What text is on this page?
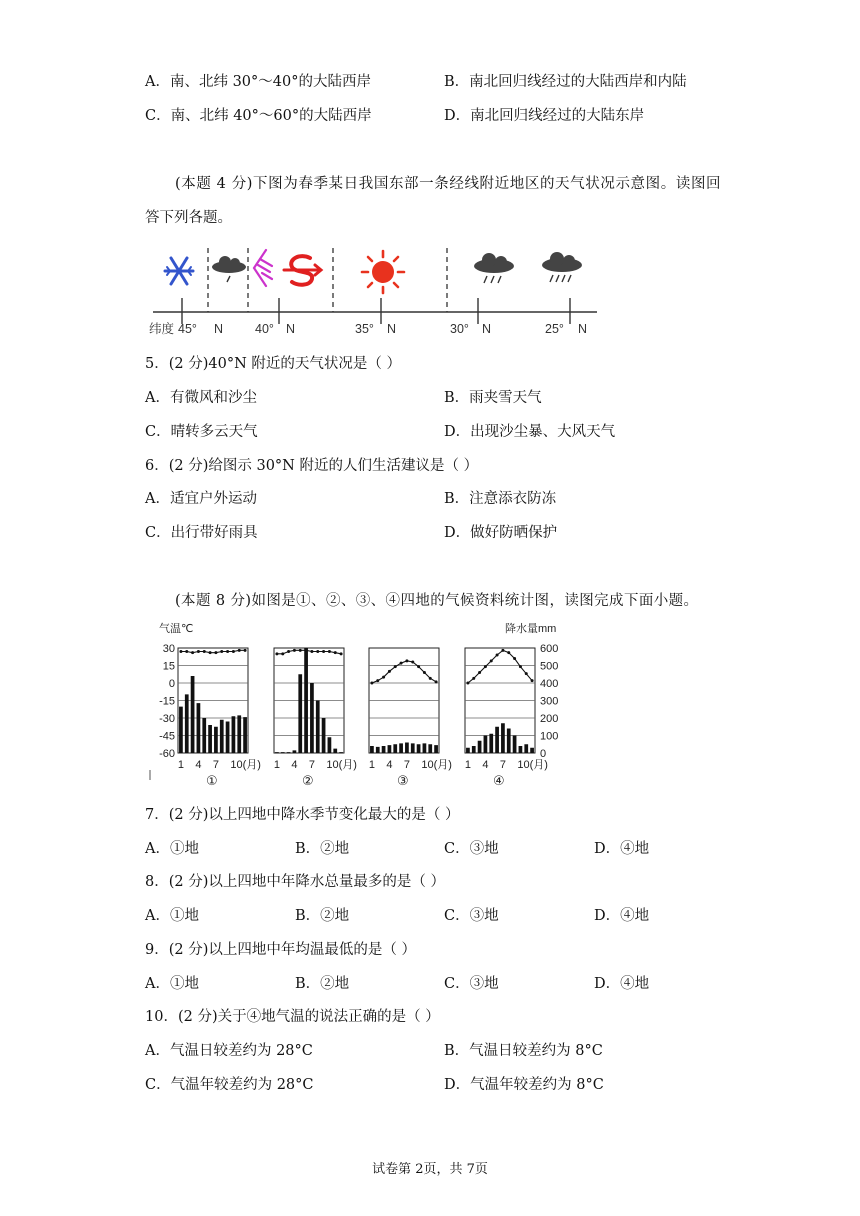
A．南、北纬 30°～40°的大陆西岸	B．南北回归线经过的大陆西岸和内陆
C．南、北纬 40°～60°的大陆西岸	D．南北回归线经过的大陆东岸
(本题 4 分)下图为春季某日我国东部一条经线附近地区的天气状况示意图。读图回
答下列各题。
纬度 45° N	40° N	35° N	30° N	25° N
5．(2 分)40°N 附近的天气状况是（ ）
A．有微风和沙尘	B．雨夹雪天气
C．晴转多云天气	D．出现沙尘暴、大风天气
6．(2 分)给图示 30°N 附近的人们生活建议是（ ）
A．适宜户外运动	B．注意添衣防冻
C．出行带好雨具	D．做好防晒保护
(本题 8 分)如图是①、②、③、④四地的气候资料统计图，读图完成下面小题。
气温℃	降水量mm
30
15
0
-15
-30
-45
-60
600
500
400
300
200
100
0
1 4 7 10(月)
①
1 4 7 10(月)
②
1 4 7 10(月)
③
1 4 7 10(月)
④
7．(2 分)以上四地中降水季节变化最大的是（ ）
A．①地	B．②地	C．③地	D．④地
8．(2 分)以上四地中年降水总量最多的是（ ）
A．①地	B．②地	C．③地	D．④地
9．(2 分)以上四地中年均温最低的是（ ）
A．①地	B．②地	C．③地	D．④地
10．(2 分)关于④地气温的说法正确的是（ ）
A．气温日较差约为 28°C	B．气温日较差约为 8°C
C．气温年较差约为 28°C	D．气温年较差约为 8°C
试卷第 2页，共 7页
